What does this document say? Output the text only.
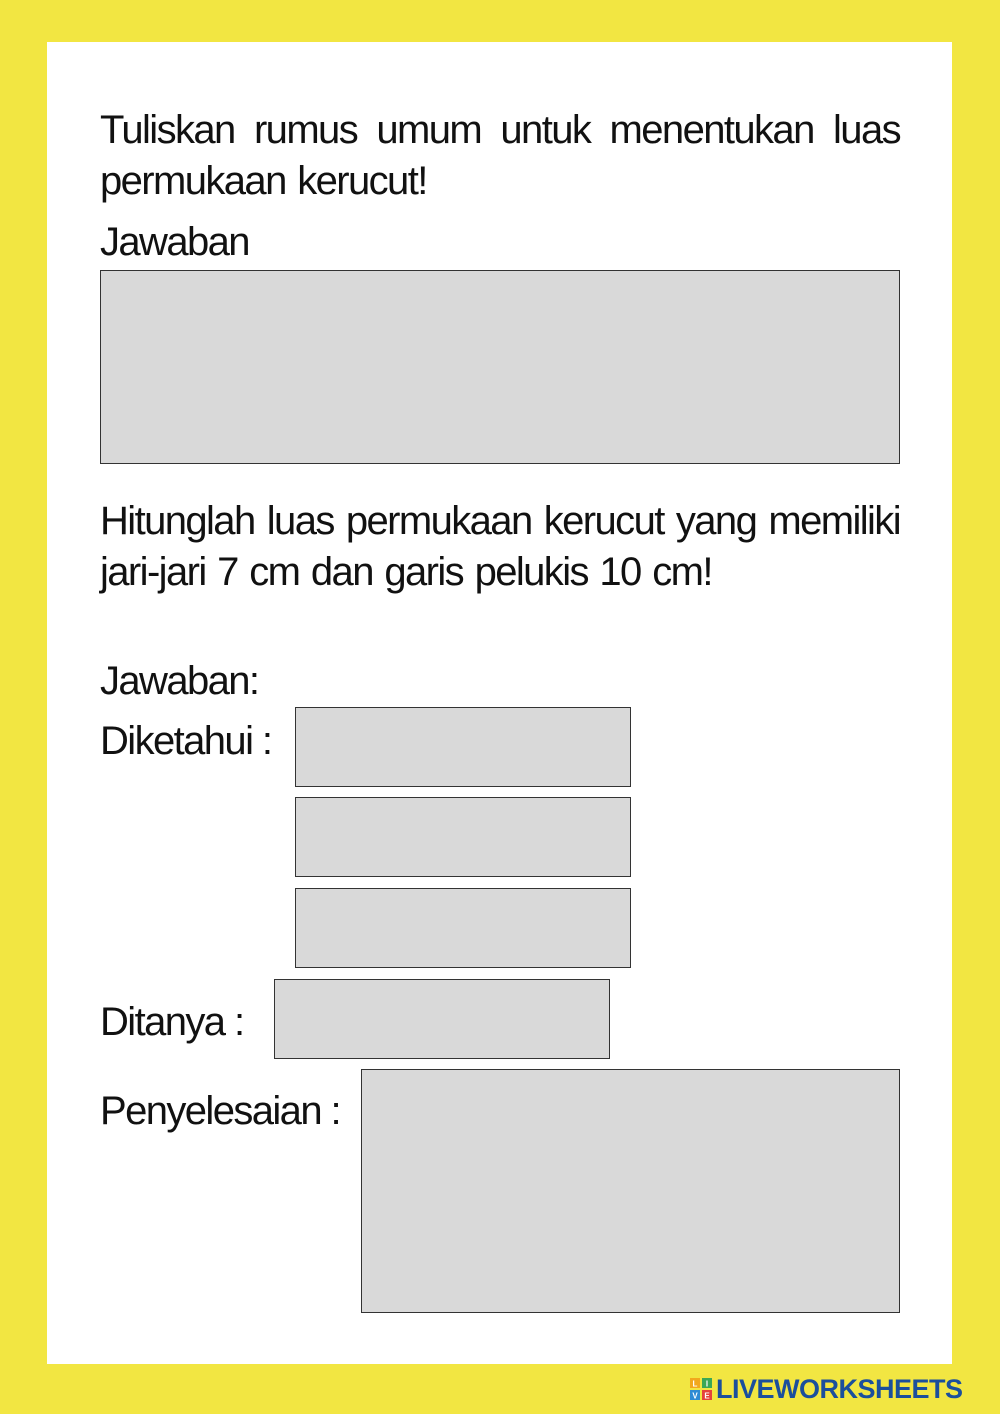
Tuliskan rumus umum untuk menentukan luas permukaan kerucut!

Jawaban

Hitunglah luas permukaan kerucut yang memiliki jari-jari 7 cm dan garis pelukis 10 cm!

Jawaban:
Diketahui :
Ditanya :
Penyelesaian :
L I
V E LIVEWORKSHEETS
